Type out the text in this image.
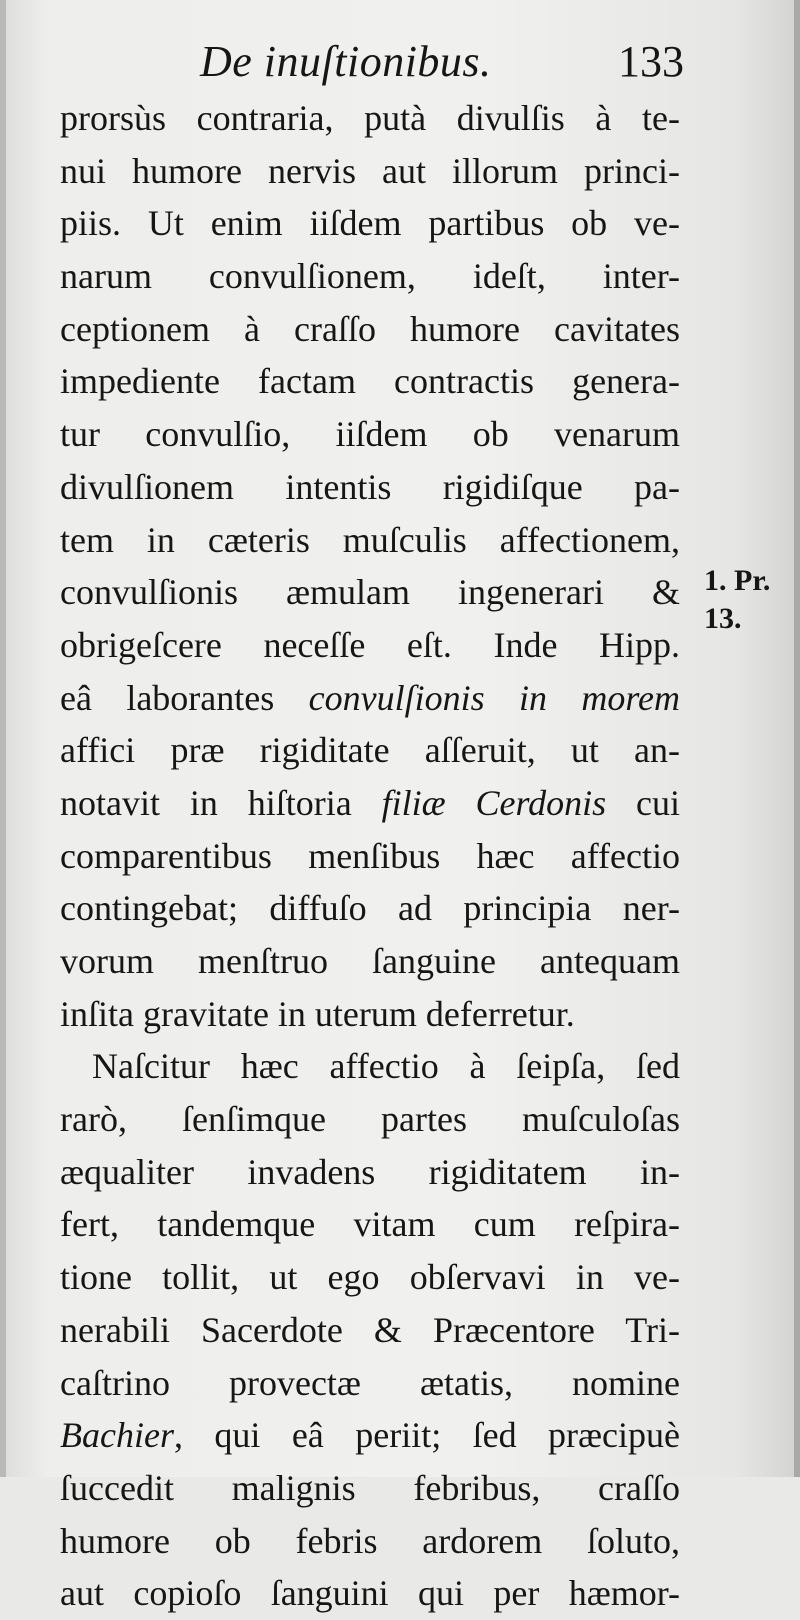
De inuſtionibus.	133
prorsùs contraria, putà divulſis à te-
nui humore nervis aut illorum princi-
piis. Ut enim iiſdem partibus ob ve-
narum convulſionem, ideſt, inter-
ceptionem à craſſo humore cavitates
impediente factam contractis genera-
tur convulſio, iiſdem ob venarum
divulſionem intentis rigidiſque pa-
tem in cæteris muſculis affectionem,
convulſionis æmulam ingenerari &
obrigeſcere neceſſe eſt. Inde Hipp.
eâ laborantes convulſionis in morem
affici præ rigiditate aſſeruit, ut an-
notavit in hiſtoria filiæ Cerdonis cui
comparentibus menſibus hæc affectio
contingebat; diffuſo ad principia ner-
vorum menſtruo ſanguine antequam
inſita gravitate in uterum deferretur.
Naſcitur hæc affectio à ſeipſa, ſed
rarò, ſenſimque partes muſculoſas
æqualiter invadens rigiditatem in-
fert, tandemque vitam cum reſpira-
tione tollit, ut ego obſervavi in ve-
nerabili Sacerdote & Præcentore Tri-
caſtrino provectæ ætatis, nomine
Bachier, qui eâ periit; ſed præcipuè
ſuccedit malignis febribus, craſſo
humore ob febris ardorem ſoluto,
aut copioſo ſanguini qui per hæmor-
1. Pr.
13.
